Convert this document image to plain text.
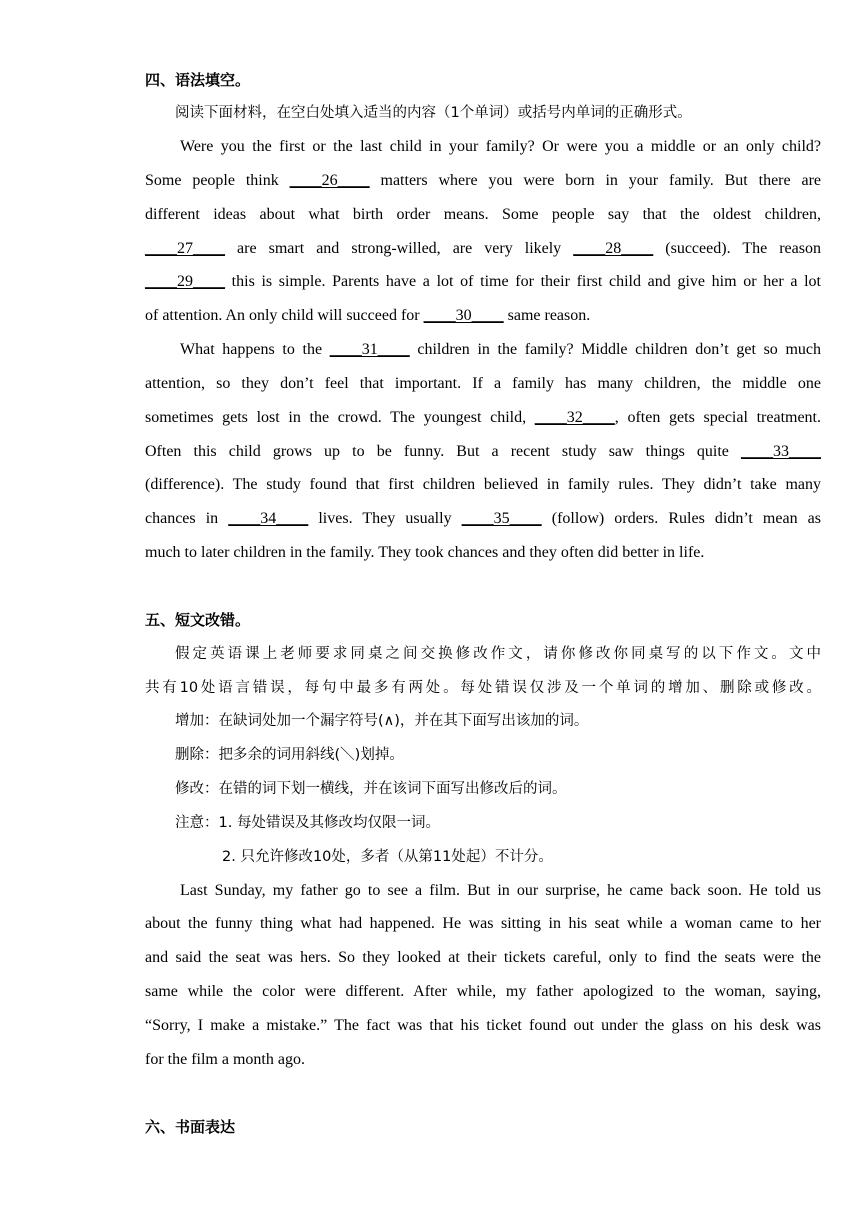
四、语法填空。
阅读下面材料，在空白处填入适当的内容（1个单词）或括号内单词的正确形式。
Were you the first or the last child in your family? Or were you a middle or an only child?
Some people think ____26____ matters where you were born in your family. But there are
different ideas about what birth order means. Some people say that the oldest children,
____27____ are smart and strong-willed, are very likely ____28____ (succeed). The reason
____29____ this is simple. Parents have a lot of time for their first child and give him or her a lot
of attention. An only child will succeed for ____30____ same reason.
What happens to the ____31____ children in the family? Middle children don’t get so much
attention, so they don’t feel that important. If a family has many children, the middle one
sometimes gets lost in the crowd. The youngest child, ____32____, often gets special treatment.
Often this child grows up to be funny. But a recent study saw things quite ____33____
(difference). The study found that first children believed in family rules. They didn’t take many
chances in ____34____ lives. They usually ____35____ (follow) orders. Rules didn’t mean as
much to later children in the family. They took chances and they often did better in life.
五、短文改错。
假定英语课上老师要求同桌之间交换修改作文，请你修改你同桌写的以下作文。文中
共有10处语言错误，每句中最多有两处。每处错误仅涉及一个单词的增加、删除或修改。
增加：在缺词处加一个漏字符号(∧)，并在其下面写出该加的词。
删除：把多余的词用斜线(＼)划掉。
修改：在错的词下划一横线，并在该词下面写出修改后的词。
注意：1. 每处错误及其修改均仅限一词。
2. 只允许修改10处，多者（从第11处起）不计分。
Last Sunday, my father go to see a film. But in our surprise, he came back soon. He told us
about the funny thing what had happened. He was sitting in his seat while a woman came to her
and said the seat was hers. So they looked at their tickets careful, only to find the seats were the
same while the color were different. After while, my father apologized to the woman, saying,
“Sorry, I make a mistake.” The fact was that his ticket found out under the glass on his desk was
for the film a month ago.
六、书面表达
